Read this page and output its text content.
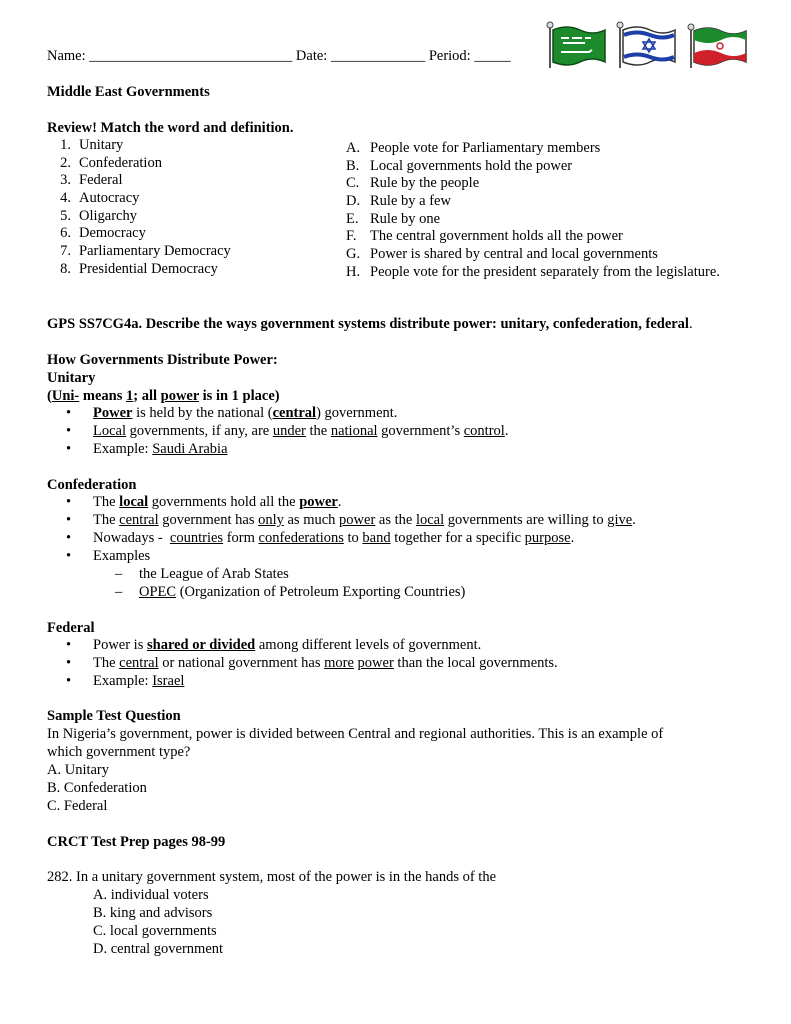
Name: ____________________________ Date: _____________ Period: _____
Middle East Governments
Review! Match the word and definition.
1. Unitary
2. Confederation
3. Federal
4. Autocracy
5. Oligarchy
6. Democracy
7. Parliamentary Democracy
8. Presidential Democracy
A. People vote for Parliamentary members
B. Local governments hold the power
C. Rule by the people
D. Rule by a few
E. Rule by one
F. The central government holds all the power
G. Power is shared by central and local governments
H. People vote for the president separately from the legislature.
GPS SS7CG4a. Describe the ways government systems distribute power: unitary, confederation, federal.
How Governments Distribute Power:
Unitary
(Uni- means 1; all power is in 1 place)
• Power is held by the national (central) government.
• Local governments, if any, are under the national government’s control.
• Example: Saudi Arabia
Confederation
• The local governments hold all the power.
• The central government has only as much power as the local governments are willing to give.
• Nowadays -  countries form confederations to band together for a specific purpose.
• Examples
– the League of Arab States
– OPEC (Organization of Petroleum Exporting Countries)
Federal
• Power is shared or divided among different levels of government.
• The central or national government has more power than the local governments.
• Example: Israel
Sample Test Question
In Nigeria’s government, power is divided between Central and regional authorities. This is an example of
which government type?
A. Unitary
B. Confederation
C. Federal
CRCT Test Prep pages 98-99
282. In a unitary government system, most of the power is in the hands of the
A. individual voters
B. king and advisors
C. local governments
D. central government
